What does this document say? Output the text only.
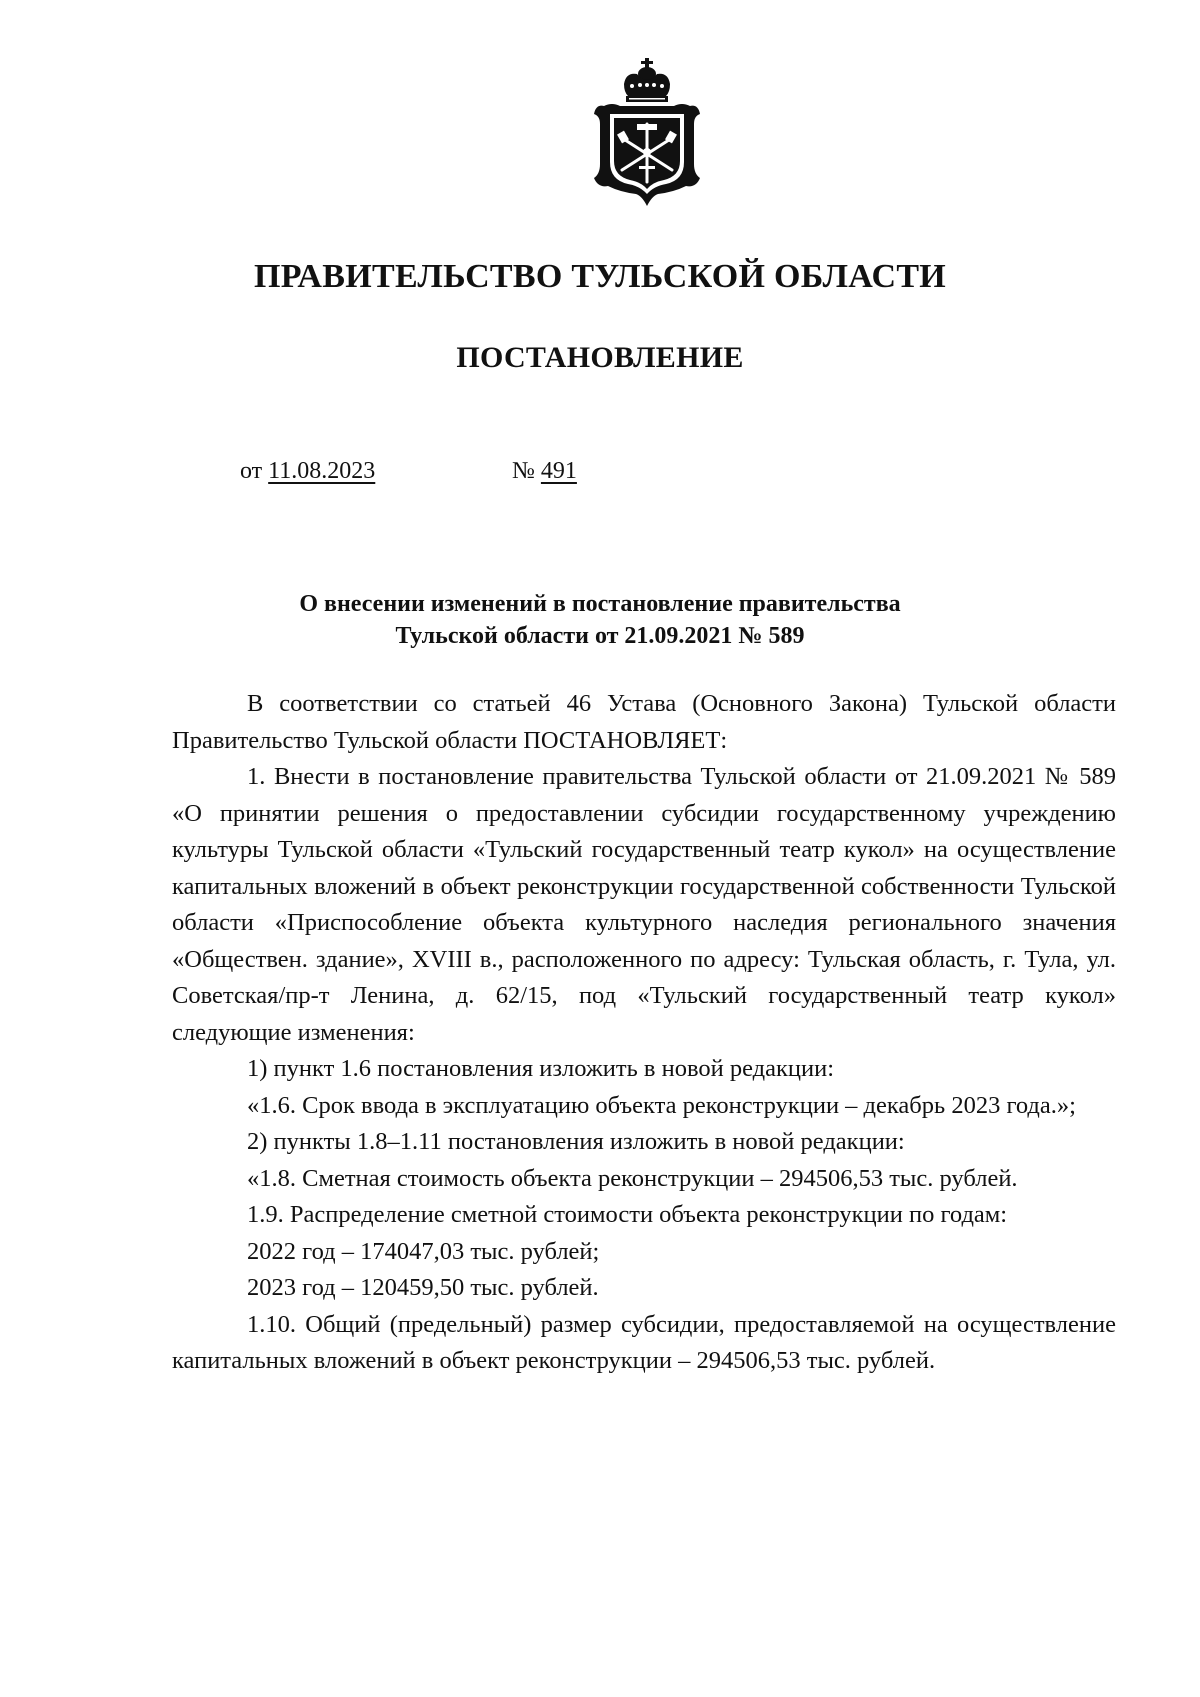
ПРАВИТЕЛЬСТВО ТУЛЬСКОЙ ОБЛАСТИ
ПОСТАНОВЛЕНИЕ
от 11.08.2023	№ 491
О внесении изменений в постановление правительства
Тульской области от 21.09.2021 № 589

В соответствии со статьей 46 Устава (Основного Закона) Тульской области Правительство Тульской области ПОСТАНОВЛЯЕТ:

1. Внести в постановление правительства Тульской области от 21.09.2021 № 589 «О принятии решения о предоставлении субсидии государственному учреждению культуры Тульской области «Тульский государственный театр кукол» на осуществление капитальных вложений в объект реконструкции государственной собственности Тульской области «Приспособление объекта культурного наследия регионального значения «Обществен. здание», XVIII в., расположенного по адресу: Тульская область, г. Тула, ул. Советская/пр-т Ленина, д. 62/15, под «Тульский государственный театр кукол» следующие изменения:

1) пункт 1.6 постановления изложить в новой редакции:

«1.6. Срок ввода в эксплуатацию объекта реконструкции – декабрь 2023 года.»;

2) пункты 1.8–1.11 постановления изложить в новой редакции:

«1.8. Сметная стоимость объекта реконструкции – 294506,53 тыс. рублей.

1.9. Распределение сметной стоимости объекта реконструкции по годам:

2022 год – 174047,03 тыс. рублей;

2023 год – 120459,50 тыс. рублей.

1.10. Общий (предельный) размер субсидии, предоставляемой на осуществление капитальных вложений в объект реконструкции – 294506,53 тыс. рублей.
